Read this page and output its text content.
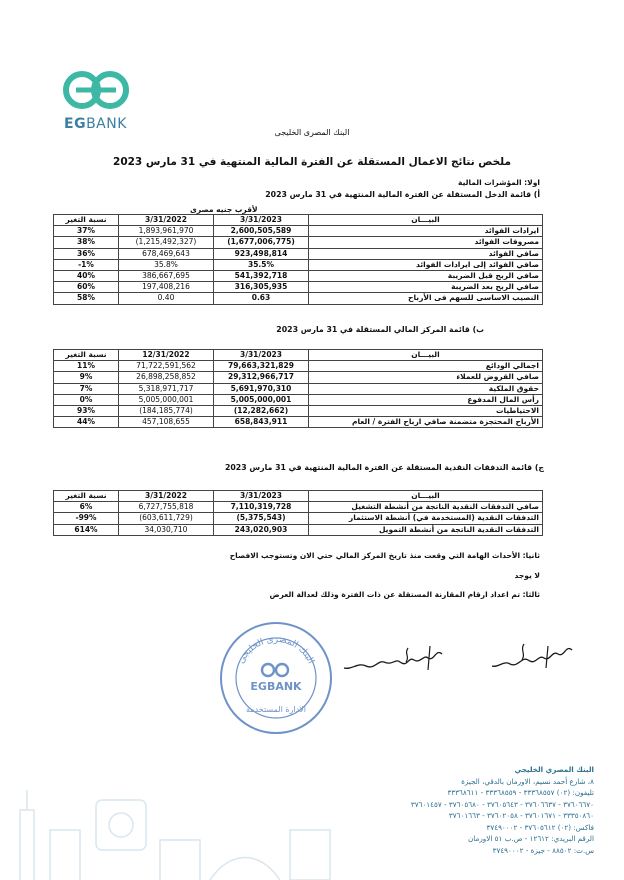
EGBANK
البنك المصرى الخليجى
ملخص نتائج الاعمال المستقلة عن الفترة المالية المنتهية في 31 مارس 2023
اولا: المؤشرات المالية
أ) قائمة الدخل المستقلة عن الفترة المالية المنتهية في 31 مارس 2023
لأقرب جنيه مصرى
نسبة التغير	3/31/2022	3/31/2023	البيـــان
37%	1,893,961,970	2,600,505,589	ايرادات الفوائد
38%	(1,215,492,327)	(1,677,006,775)	مصروفات الفوائد
36%	678,469,643	923,498,814	صافي الفوائد
-1%	35.8%	35.5%	صافي الفوائد إلى ايرادات الفوائد
40%	386,667,695	541,392,718	صافي الربح قبل الضريبة
60%	197,408,216	316,305,935	صافي الربح بعد الضريبة
58%	0.40	0.63	النصيب الاساسى للسهم فى الأرباح
ب) قائمة المركز المالي المستقلة في 31 مارس 2023
نسبة التغير	12/31/2022	3/31/2023	البيـــان
11%	71,722,591,562	79,663,321,829	اجمالي الودائع
9%	26,898,258,852	29,312,966,717	صافي القروض للعملاء
7%	5,318,971,717	5,691,970,310	حقوق الملكية
0%	5,005,000,001	5,005,000,001	رأس المال المدفوع
93%	(184,185,774)	(12,282,662)	الاحتياطيات
44%	457,108,655	658,843,911	الأرباح المحتجزة متضمنة صافي ارباح الفترة / العام
ج) قائمة التدفقات النقدية المستقلة عن الفترة المالية المنتهية في 31 مارس 2023
نسبة التغير	3/31/2022	3/31/2023	البيـــان
6%	6,727,755,818	7,110,319,728	صافي التدفقات النقدية الناتجة من أنشطة التشغيل
-99%	(603,611,729)	(5,375,543)	التدفقات النقدية (المستخدمة في) أنشطة الاستثمار
614%	34,030,710	243,020,903	التدفقات النقدية الناتجة من أنشطة التمويل
ثانيا: الأحداث الهامة التي وقعت منذ تاريخ المركز المالي حتي الان وتستوجب الافصاح
لا يوجد
ثالثا: تم اعداد ارقام المقارنة المستقلة عن ذات الفترة وذلك لعدالة العرض
البنك المصرى الخليجى
EGBANK
الادارة المستخدمة
البنك المصري الخليجي
٨، شارع أحمد نسيم، الاورمان بالدقي، الجيزة
تليفون: (٠٢) ٣٣٣٦٨٥٥٧ - ٣٣٣٦٨٥٥٩ - ٣٣٣٦٨٦١١
٣٧٦٠٦٦٧٠ - ٣٧٦٠٦٦٣٧ - ٣٧٦٠٥٦٤٣ - ٣٧٦٠٥٦٨٠ - ٣٧٦٠١٤٥٧
٣٣٣٥٠٨٦٠ - ٣٧٦٠١٦٧١ - ٣٧٦٠٢٠٥٨ - ٣٧٦٠١٦٦٣
فاكس: (٠٢) ٣٧٦٠٥٦١٢ - ٣٧٤٩٠٠٠٢
الرقم البريدي: ١٢٦١٢ - ص.ب ٥١ الاورمان
س.ت: ٨٨٥٠٢ - جيزة - ٣٧٤٩٠٠٠٢
